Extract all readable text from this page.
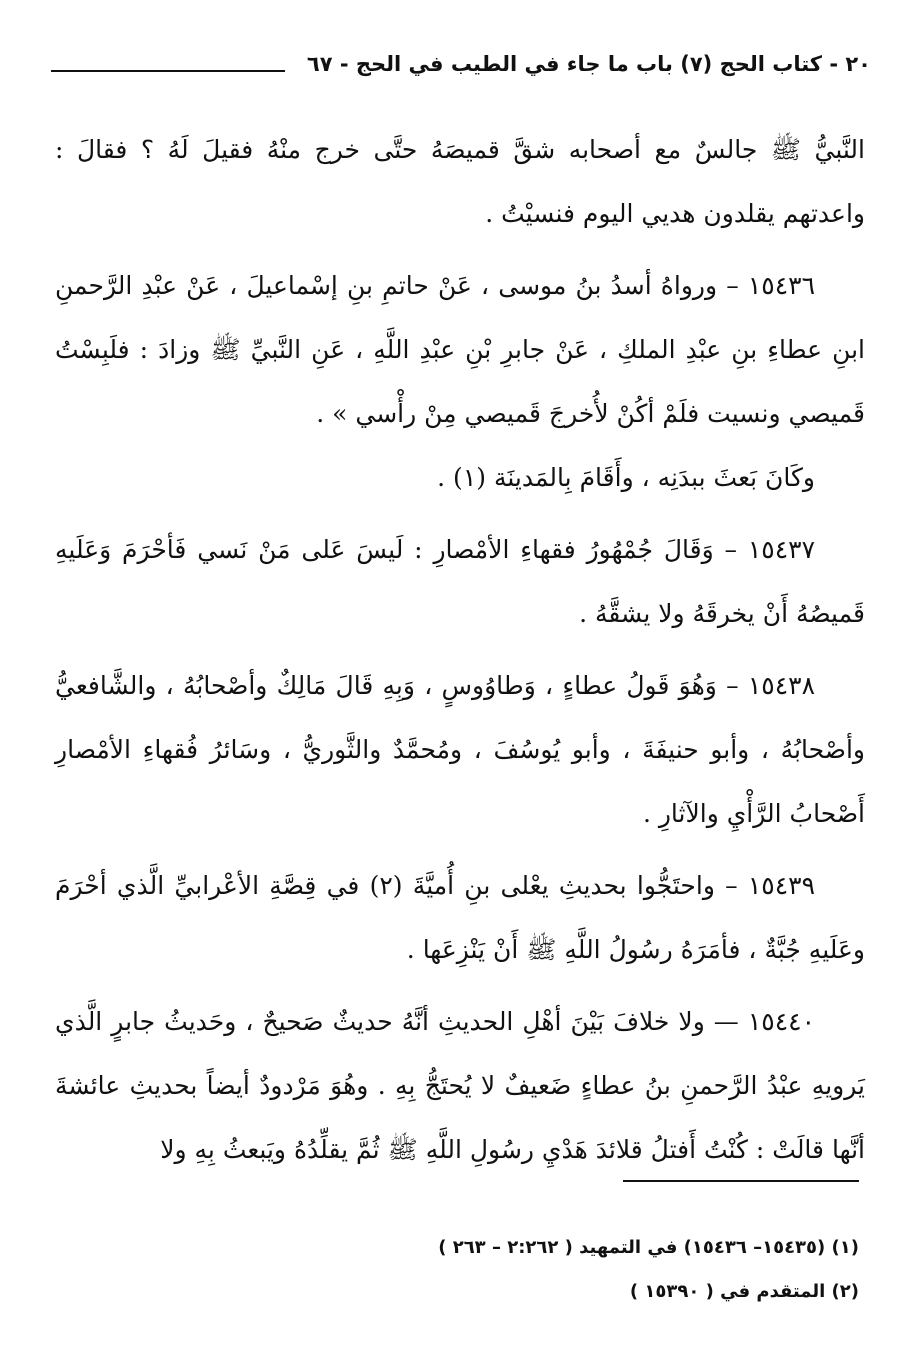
٢٠ - كتاب الحج (٧) باب ما جاء في الطيب في الحج - ٦٧

النَّبيُّ ﷺ جالسٌ مع أصحابه شقَّ قميصَهُ حتَّى خرج منْهُ فقيلَ لَهُ ؟ فقالَ : واعدتهم يقلدون هديي اليوم فنسيْتُ .

١٥٤٣٦ – ورواهُ أسدُ بنُ موسى ، عَنْ حاتمِ بنِ إسْماعيلَ ، عَنْ عبْدِ الرَّحمنِ ابنِ عطاءِ بنِ عبْدِ الملكِ ، عَنْ جابرِ بْنِ عبْدِ اللَّهِ ، عَنِ النَّبيِّ ﷺ وزادَ : فلَبِسْتُ قَميصي ونسيت فلَمْ أكُنْ لأُخرجَ قَميصي مِنْ رأْسي » .

وكَانَ بَعثَ ببدَنِه ، وأَقَامَ بِالمَدينَة (١) .

١٥٤٣٧ – وَقَالَ جُمْهُورُ فقهاءِ الأمْصارِ : لَيسَ عَلى مَنْ نَسي فَأحْرَمَ وَعَلَيهِ قَميصُهُ أَنْ يخرقَهُ ولا يشقَّهُ .

١٥٤٣٨ – وَهُوَ قَولُ عطاءٍ ، وَطاوُوسٍ ، وَبِهِ قَالَ مَالِكٌ وأصْحابُهُ ، والشَّافعيُّ وأصْحابُهُ ، وأبو حنيفَةَ ، وأبو يُوسُفَ ، ومُحمَّدٌ والثَّوريُّ ، وسَائرُ فُقهاءِ الأمْصارِ أَصْحابُ الرَّأْيِ والآثارِ .

١٥٤٣٩ – واحتَجُّوا بحديثِ يعْلى بنِ أُميَّةَ (٢) في قِصَّةِ الأعْرابيِّ الَّذي أحْرَمَ وعَلَيهِ جُبَّةٌ ، فأمَرَهُ رسُولُ اللَّهِ ﷺ أَنْ يَنْزِعَها .

١٥٤٤٠ — ولا خلافَ بَيْنَ أهْلِ الحديثِ أنَّهُ حديثٌ صَحيحٌ ، وحَديثُ جابرٍ الَّذي يَرويهِ عبْدُ الرَّحمنِ بنُ عطاءٍ ضَعيفٌ لا يُحتَجُّ بِهِ . وهُوَ مَرْدودٌ أيضاً بحديثِ عائشةَ أنَّها قالَتْ : كُنْتُ أَفتلُ قلائدَ هَدْيِ رسُولِ اللَّهِ ﷺ ثُمَّ يقلِّدُهُ ويَبعثُ بِهِ ولا

(١) (١٥٤٣٥– ١٥٤٣٦) في التمهيد ( ٢:٢٦٢ – ٢٦٣ )

(٢) المتقدم في ( ١٥٣٩٠ )
